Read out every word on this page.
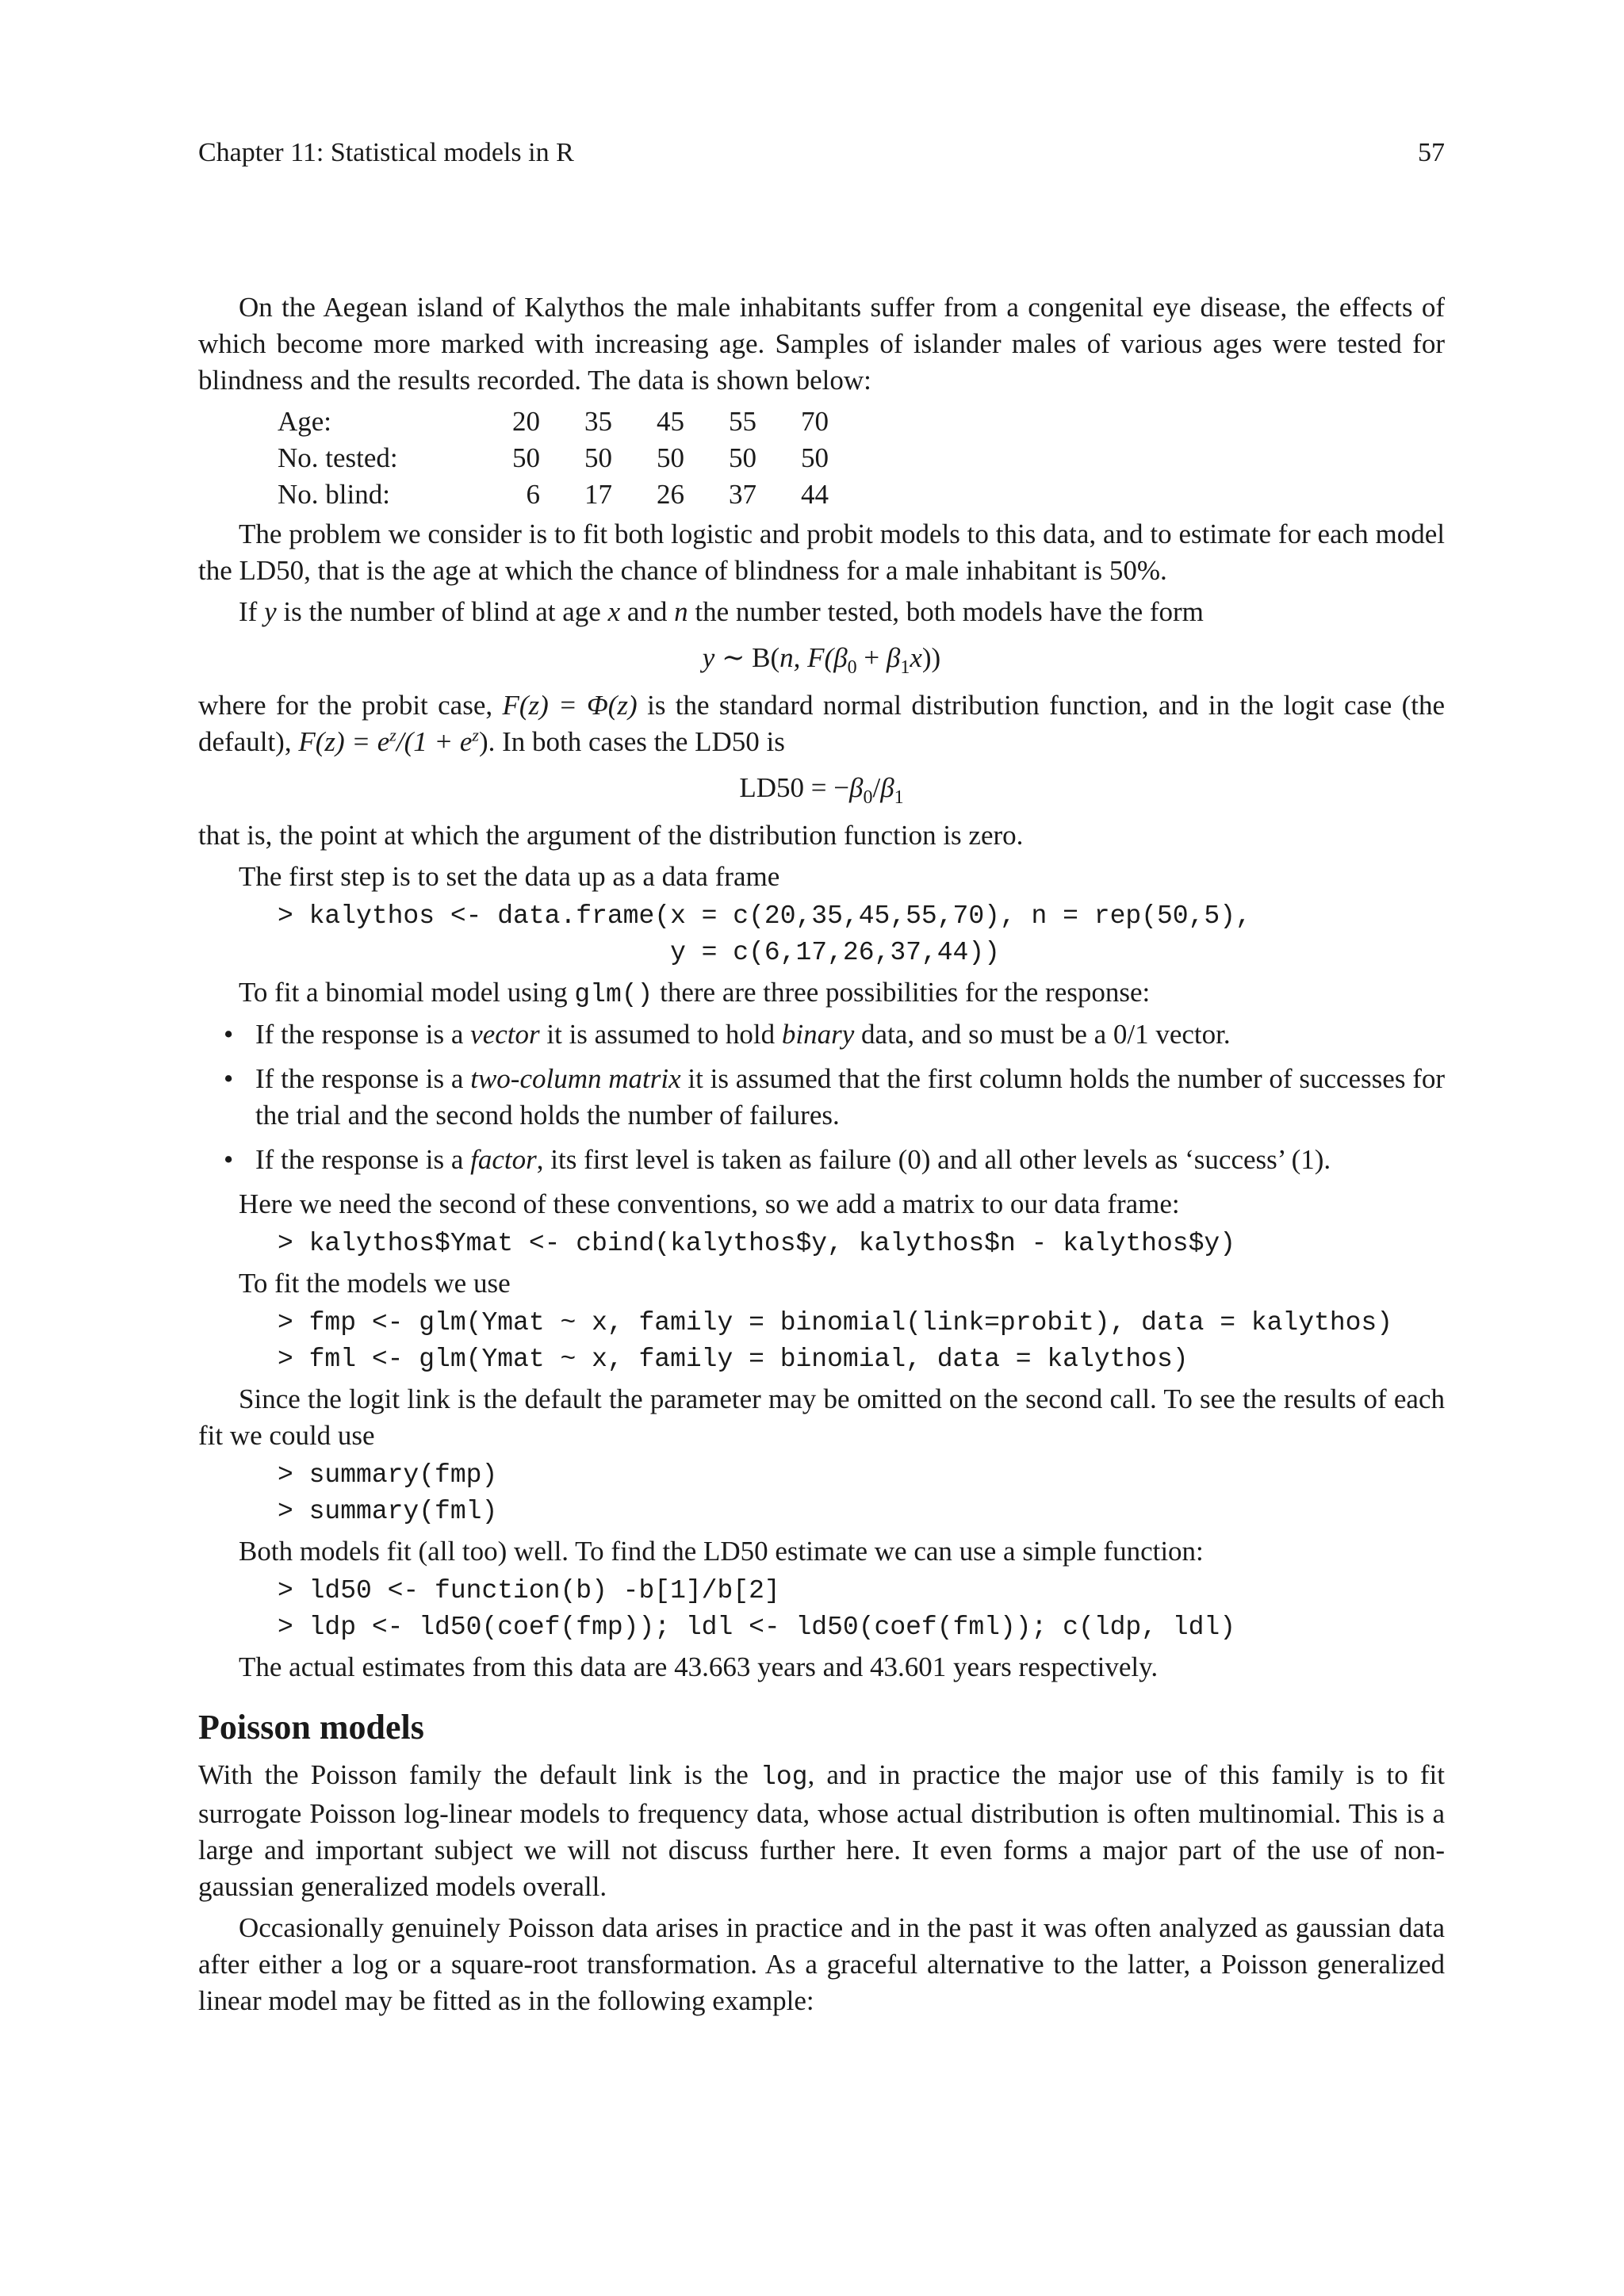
Chapter 11: Statistical models in R	57

On the Aegean island of Kalythos the male inhabitants suffer from a congenital eye disease, the effects of which become more marked with increasing age. Samples of islander males of various ages were tested for blindness and the results recorded. The data is shown below:

Age:	20	35	45	55	70
No. tested:	50	50	50	50	50
No. blind:	6	17	26	37	44

The problem we consider is to fit both logistic and probit models to this data, and to estimate for each model the LD50, that is the age at which the chance of blindness for a male inhabitant is 50%.

If y is the number of blind at age x and n the number tested, both models have the form

y ∼ B(n, $F(\beta_0 + \beta_1x)$)

where for the probit case, F(z) = Φ(z) is the standard normal distribution function, and in the logit case (the default), $F(z) = e^z/(1 + e^z)$. In both cases the LD50 is

$LD50 = -\beta_0/\beta_1$

that is, the point at which the argument of the distribution function is zero.

The first step is to set the data up as a data frame

> kalythos <- data.frame(x = c(20,35,45,55,70), n = rep(50,5),
y = c(6,17,26,37,44))

To fit a binomial model using glm() there are three possibilities for the response:

• If the response is a vector it is assumed to hold binary data, and so must be a 0/1 vector.
• If the response is a two-column matrix it is assumed that the first column holds the number of successes for the trial and the second holds the number of failures.
• If the response is a factor, its first level is taken as failure (0) and all other levels as ‘success’ (1).

Here we need the second of these conventions, so we add a matrix to our data frame:

> kalythos$Ymat <- cbind(kalythos$y, kalythos$n - kalythos$y)

To fit the models we use

> fmp <- glm(Ymat ~ x, family = binomial(link=probit), data = kalythos)
> fml <- glm(Ymat ~ x, family = binomial, data = kalythos)

Since the logit link is the default the parameter may be omitted on the second call. To see the results of each fit we could use

> summary(fmp)
> summary(fml)

Both models fit (all too) well. To find the LD50 estimate we can use a simple function:

> ld50 <- function(b) -b[1]/b[2]
> ldp <- ld50(coef(fmp)); ldl <- ld50(coef(fml)); c(ldp, ldl)

The actual estimates from this data are 43.663 years and 43.601 years respectively.

Poisson models

With the Poisson family the default link is the log, and in practice the major use of this family is to fit surrogate Poisson log-linear models to frequency data, whose actual distribution is often multinomial. This is a large and important subject we will not discuss further here. It even forms a major part of the use of non-gaussian generalized models overall.

Occasionally genuinely Poisson data arises in practice and in the past it was often analyzed as gaussian data after either a log or a square-root transformation. As a graceful alternative to the latter, a Poisson generalized linear model may be fitted as in the following example:
